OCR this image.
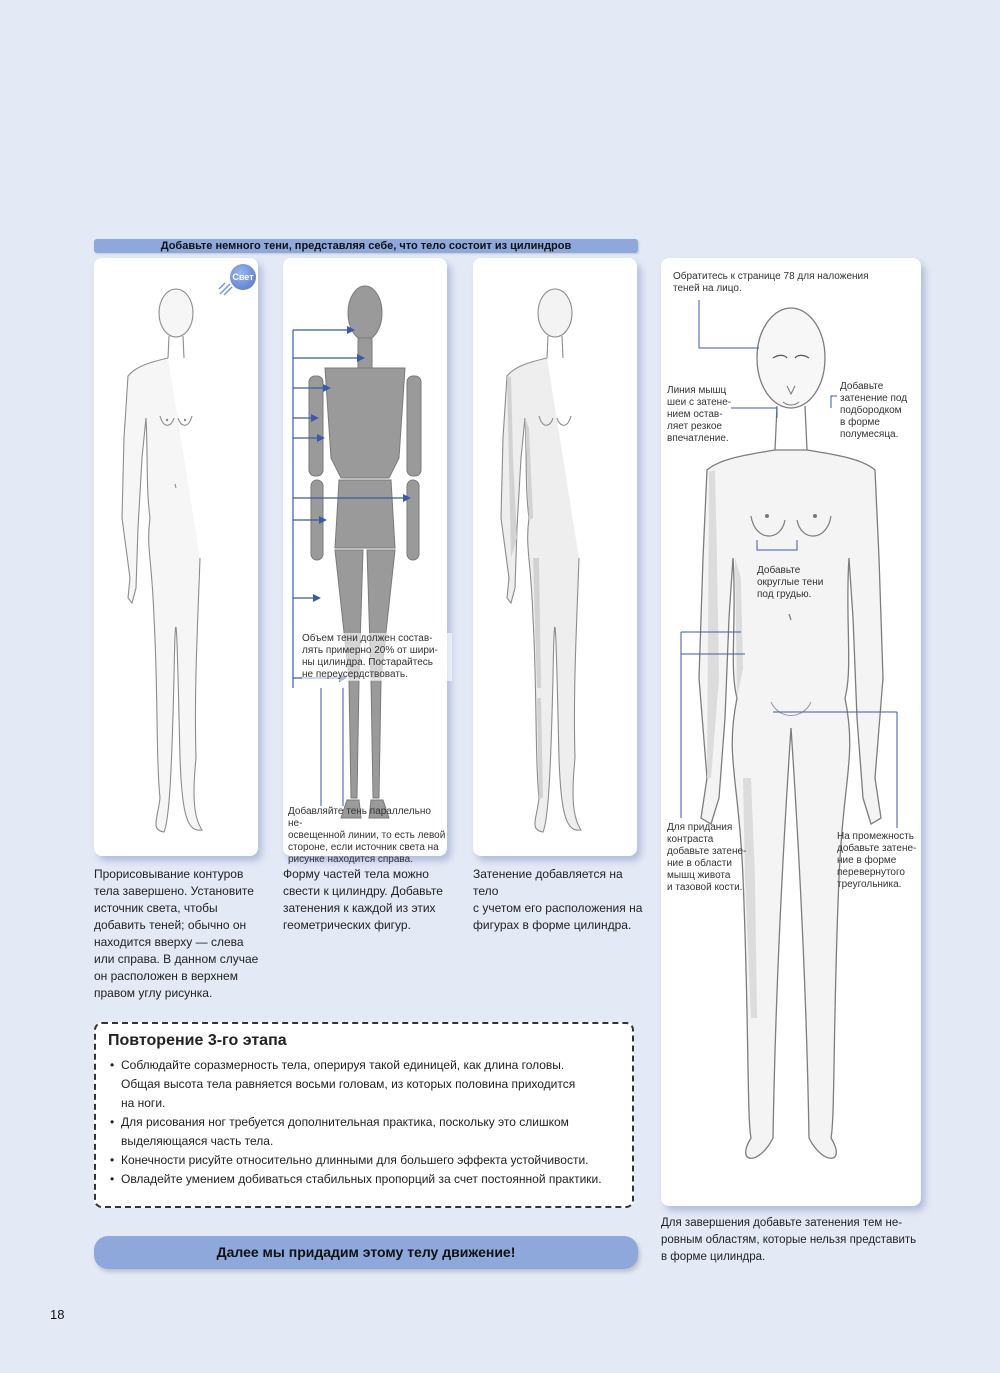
Добавьте немного тени, представляя себе, что тело состоит из цилиндров
Свет
Прорисовывание контуров
тела завершено. Установите
источник света, чтобы
добавить теней; обычно он
находится вверху — слева
или справа. В данном случае
он расположен в верхнем
правом углу рисунка.
Объем тени должен состав-
лять примерно 20% от шири-
ны цилиндра. Постарайтесь
не переусердствовать.
Добавляйте тень параллельно не-
освещенной линии, то есть левой
стороне, если источник света на
рисунке находится справа.
Форму частей тела можно
свести к цилиндру. Добавьте
затенения к каждой из этих
геометрических фигур.
Затенение добавляется на тело
с учетом его расположения на
фигурах в форме цилиндра.
Обратитесь к странице 78 для наложения
теней на лицо.
Линия мышц
шеи с затене-
нием остав-
ляет резкое
впечатление.
Добавьте
затенение под
подбородком
в форме
полумесяца.
Добавьте
округлые тени
под грудью.
Для придания
контраста
добавьте затене-
ние в области
мышц живота
и тазовой кости.
На промежность
добавьте затене-
ние в форме
перевернутого
треугольника.
Для завершения добавьте затенения тем не-
ровным областям, которые нельзя представить
в форме цилиндра.
Повторение 3-го этапа
• Соблюдайте соразмерность тела, оперируя такой единицей, как длина головы.
Общая высота тела равняется восьми головам, из которых половина приходится
на ноги.
• Для рисования ног требуется дополнительная практика, поскольку это слишком
выделяющаяся часть тела.
• Конечности рисуйте относительно длинными для большего эффекта устойчивости.
• Овладейте умением добиваться стабильных пропорций за счет постоянной практики.
Далее мы придадим этому телу движение!
18
